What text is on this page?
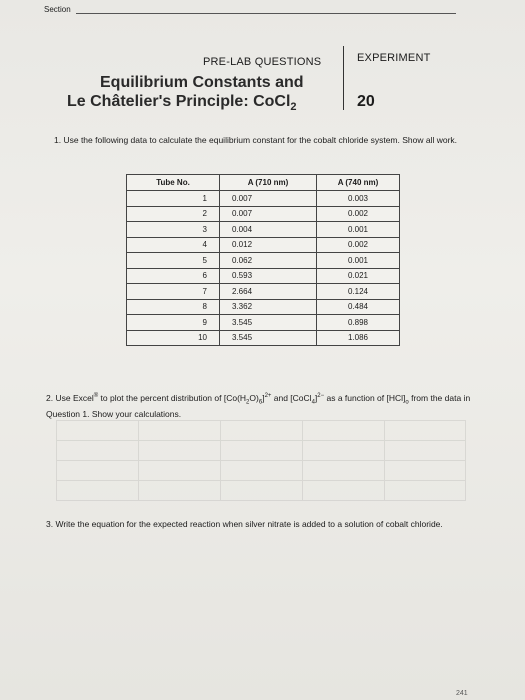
Section
PRE-LAB QUESTIONS	EXPERIMENT
20
Equilibrium Constants and
Le Châtelier's Principle: CoCl$_2$
1. Use the following data to calculate the equilibrium constant for the cobalt chloride system. Show all work.
Tube No.	A (710 nm)	A (740 nm)
1	0.007	0.003
2	0.007	0.002
3	0.004	0.001
4	0.012	0.002
5	0.062	0.001
6	0.593	0.021
7	2.664	0.124
8	3.362	0.484
9	3.545	0.898
10	3.545	1.086
2. Use Excel® to plot the percent distribution of $[Co(H_2O)_6]^{2+}$ and [CoCl$_4$]$^{2-}$ as a function of $[HCl]_o$ from the data in Question 1. Show your calculations.
3. Write the equation for the expected reaction when silver nitrate is added to a solution of cobalt chloride.
241
